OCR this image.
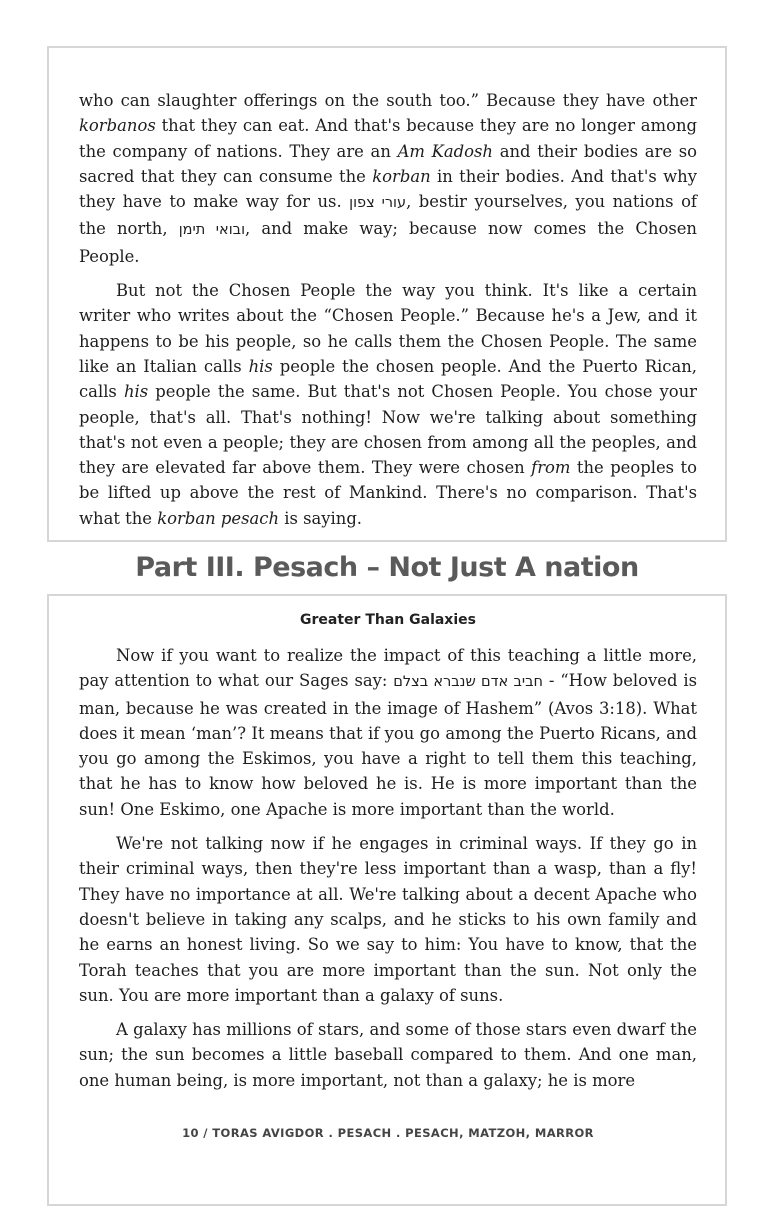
who can slaughter offerings on the south too.” Because they have other korbanos that they can eat. And that's because they are no longer among the company of nations. They are an Am Kadosh and their bodies are so sacred that they can consume the korban in their bodies. And that's why they have to make way for us. עורי צפון, bestir yourselves, you nations of the north, ובואי תימן, and make way; because now comes the Chosen People.

But not the Chosen People the way you think. It's like a certain writer who writes about the “Chosen People.” Because he's a Jew, and it happens to be his people, so he calls them the Chosen People. The same like an Italian calls his people the chosen people. And the Puerto Rican, calls his people the same. But that's not Chosen People. You chose your people, that's all. That's nothing! Now we're talking about something that's not even a people; they are chosen from among all the peoples, and they are elevated far above them. They were chosen from the peoples to be lifted up above the rest of Mankind. There's no comparison. That's what the korban pesach is saying.

Part III. Pesach – Not Just A nation
Greater Than Galaxies

Now if you want to realize the impact of this teaching a little more, pay attention to what our Sages say: חביב אדם שנברא בצלם - “How beloved is man, because he was created in the image of Hashem” (Avos 3:18). What does it mean ‘man’? It means that if you go among the Puerto Ricans, and you go among the Eskimos, you have a right to tell them this teaching, that he has to know how beloved he is. He is more important than the sun! One Eskimo, one Apache is more important than the world.

We're not talking now if he engages in criminal ways. If they go in their criminal ways, then they're less important than a wasp, than a fly! They have no importance at all. We're talking about a decent Apache who doesn't believe in taking any scalps, and he sticks to his own family and he earns an honest living. So we say to him: You have to know, that the Torah teaches that you are more important than the sun. Not only the sun. You are more important than a galaxy of suns.

A galaxy has millions of stars, and some of those stars even dwarf the sun; the sun becomes a little baseball compared to them. And one man, one human being, is more important, not than a galaxy; he is more

10 / TORAS AVIGDOR . PESACH . PESACH, MATZOH, MARROR
